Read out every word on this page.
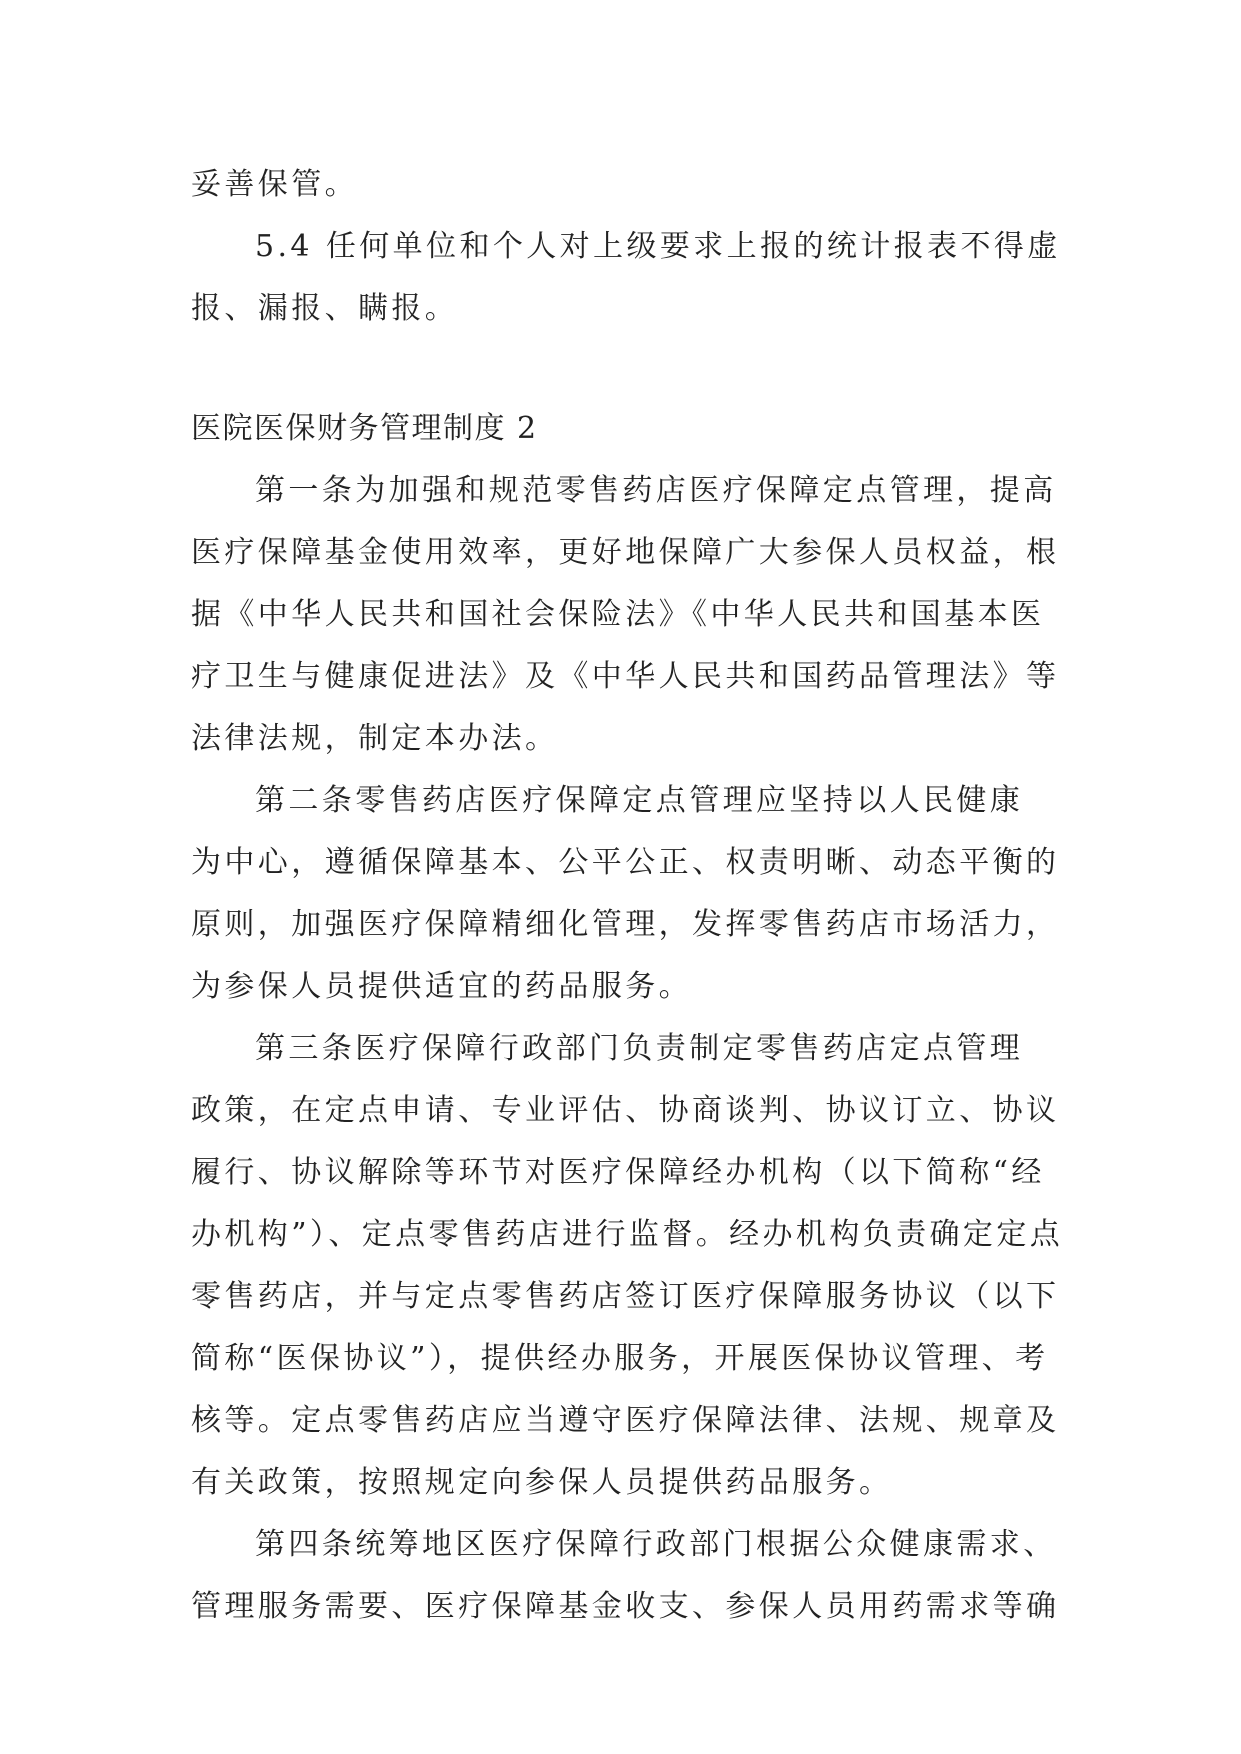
妥善保管。
5.4 任何单位和个人对上级要求上报的统计报表不得虚
报、漏报、瞒报。
医院医保财务管理制度 2
第一条为加强和规范零售药店医疗保障定点管理，提高
医疗保障基金使用效率，更好地保障广大参保人员权益，根
据《中华人民共和国社会保险法》《中华人民共和国基本医
疗卫生与健康促进法》及《中华人民共和国药品管理法》等
法律法规，制定本办法。
第二条零售药店医疗保障定点管理应坚持以人民健康
为中心，遵循保障基本、公平公正、权责明晰、动态平衡的
原则，加强医疗保障精细化管理，发挥零售药店市场活力，
为参保人员提供适宜的药品服务。
第三条医疗保障行政部门负责制定零售药店定点管理
政策，在定点申请、专业评估、协商谈判、协议订立、协议
履行、协议解除等环节对医疗保障经办机构（以下简称“经
办机构”）、定点零售药店进行监督。经办机构负责确定定点
零售药店，并与定点零售药店签订医疗保障服务协议（以下
简称“医保协议”），提供经办服务，开展医保协议管理、考
核等。定点零售药店应当遵守医疗保障法律、法规、规章及
有关政策，按照规定向参保人员提供药品服务。
第四条统筹地区医疗保障行政部门根据公众健康需求、
管理服务需要、医疗保障基金收支、参保人员用药需求等确
